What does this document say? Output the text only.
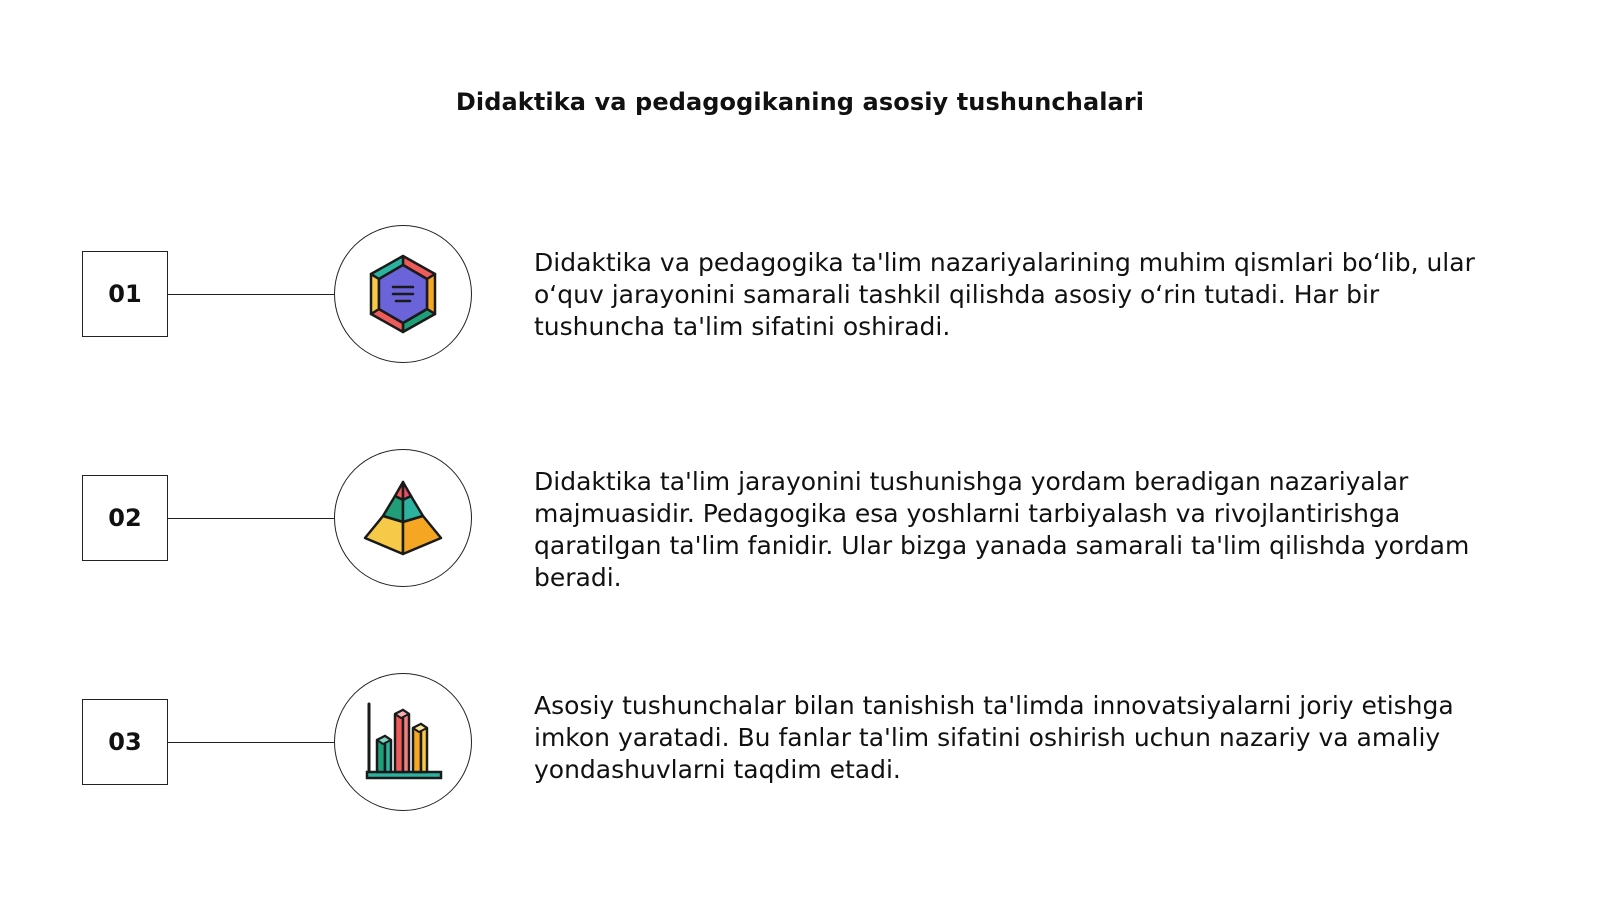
Didaktika va pedagogikaning asosiy tushunchalari
01

Didaktika va pedagogika ta'lim nazariyalarining muhim qismlari bo‘lib, ular o‘quv jarayonini samarali tashkil qilishda asosiy o‘rin tutadi. Har bir tushuncha ta'lim sifatini oshiradi.

02

Didaktika ta'lim jarayonini tushunishga yordam beradigan nazariyalar majmuasidir. Pedagogika esa yoshlarni tarbiyalash va rivojlantirishga qaratilgan ta'lim fanidir. Ular bizga yanada samarali ta'lim qilishda yordam beradi.

03

Asosiy tushunchalar bilan tanishish ta'limda innovatsiyalarni joriy etishga imkon yaratadi. Bu fanlar ta'lim sifatini oshirish uchun nazariy va amaliy yondashuvlarni taqdim etadi.
